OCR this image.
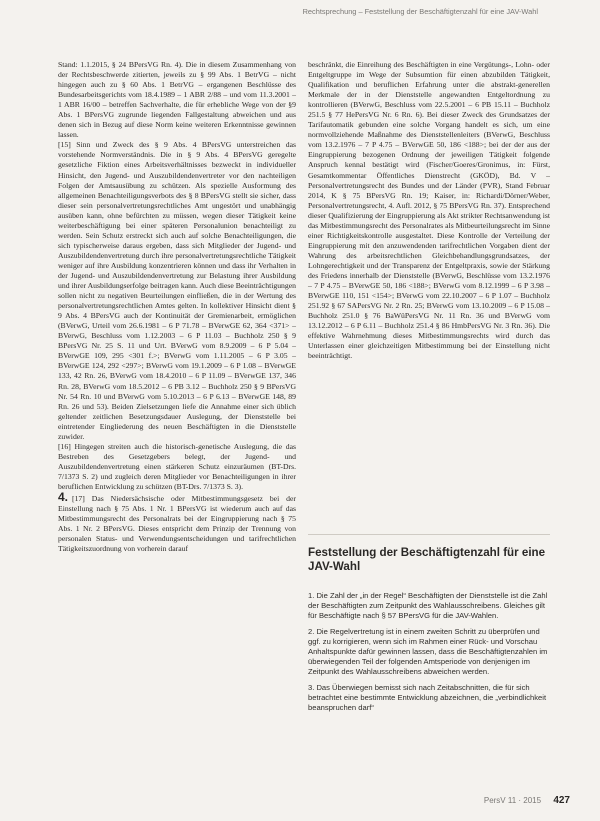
Rechtsprechung – Feststellung der Beschäftigtenzahl für eine JAV-Wahl

Stand: 1.1.2015, § 24 BPersVG Rn. 4). Die in diesem Zusammenhang von der Rechtsbeschwerde zitierten, jeweils zu § 99 Abs. 1 BetrVG – nicht hingegen auch zu § 60 Abs. 1 BetrVG – ergangenen Beschlüsse des Bundesarbeitsgerichts vom 18.4.1989 – 1 ABR 2/88 – und vom 11.3.2001 – 1 ABR 16/00 – betreffen Sachverhalte, die für erhebliche Wege von der §9 Abs. 1 BPersVG zugrunde liegenden Fallgestaltung abweichen und aus denen sich in Bezug auf diese Norm keine weiteren Erkenntnisse gewinnen lassen.

[15] Sinn und Zweck des § 9 Abs. 4 BPersVG unterstreichen das vorstehende Normverständnis. Die in § 9 Abs. 4 BPersVG geregelte gesetzliche Fiktion eines Arbeitsverhältnisses bezweckt in individueller Hinsicht, den Jugend- und Auszubildendenvertreter vor den nachteiligen Folgen der Amtsausübung zu schützen. Als spezielle Ausformung des allgemeinen Benachteiligungsverbots des § 8 BPersVG stellt sie sicher, dass dieser sein personalvertretungsrechtliches Amt ungestört und unabhängig ausüben kann, ohne befürchten zu müssen, wegen dieser Tätigkeit keine weiterbeschäftigung bei einer späteren Personalunion benachteiligt zu werden. Sein Schutz erstreckt sich auch auf solche Benachteiligungen, die sich typischerweise daraus ergeben, dass sich Mitglieder der Jugend- und Auszubildendenvertretung durch ihre personalvertretungsrechtliche Tätigkeit weniger auf ihre Ausbildung konzentrieren können und dass ihr Verhalten in der Jugend- und Auszubildendenvertretung zur Belastung ihrer Ausbildung und ihrer Ausbildungserfolge beitragen kann. Auch diese Beeinträchtigungen sollen nicht zu negativen Beurteilungen einfließen, die in der Wertung des personalvertretungsrechtlichen Amtes gelten. In kollektiver Hinsicht dient § 9 Abs. 4 BPersVG auch der Kontinuität der Gremienarbeit, ermöglichen (BVerwG, Urteil vom 26.6.1981 – 6 P 71.78 – BVerwGE 62, 364 <371> – BVerwG, Beschluss vom 1.12.2003 – 6 P 11.03 – Buchholz 250 § 9 BPersVG Nr. 25 S. 11 und Urt. BVerwG vom 8.9.2009 – 6 P 5.04 – BVerwGE 109, 295 <301 f.>; BVerwG vom 1.11.2005 – 6 P 3.05 – BVerwGE 124, 292 <297>; BVerwG vom 19.1.2009 – 6 P 1.08 – BVerwGE 133, 42 Rn. 26, BVerwG vom 18.4.2010 – 6 P 11.09 – BVerwGE 137, 346 Rn. 28, BVerwG vom 18.5.2012 – 6 PB 3.12 – Buchholz 250 § 9 BPersVG Nr. 54 Rn. 10 und BVerwG vom 5.10.2013 – 6 P 6.13 – BVerwGE 148, 89 Rn. 26 und 53). Beiden Zielsetzungen liefe die Annahme einer sich üblich geltender zeitlichen Besetzungsdauer Auslegung, der Dienststelle bei eintretender Eingliederung des neuen Beschäftigten in die Dienststelle zuwider.

[16] Hingegen streiten auch die historisch-genetische Auslegung, die das Bestreben des Gesetzgebers belegt, der Jugend- und Auszubildendenvertretung einen stärkeren Schutz einzuräumen (BT-Drs. 7/1373 S. 2) und zugleich deren Mitglieder vor Benachteiligungen in ihrer beruflichen Entwicklung zu schützen (BT-Drs. 7/1373 S. 3).

4. [17] Das Niedersächsische oder Mitbestimmungsgesetz bei der Einstellung nach § 75 Abs. 1 Nr. 1 BPersVG ist wiederum auch auf das Mitbestimmungsrecht des Personalrats bei der Eingruppierung nach § 75 Abs. 1 Nr. 2 BPersVG. Dieses entspricht dem Prinzip der Trennung von personalen Status- und Verwendungsentscheidungen und tarifrechtlichen Tätigkeitszuordnung von vorherein darauf

beschränkt, die Einreihung des Beschäftigten in eine Vergütungs-, Lohn- oder Entgeltgruppe im Wege der Subsumtion für einen abzubilden Tätigkeit, Qualifikation und beruflichen Erfahrung unter die abstrakt-generellen Merkmale der in der Dienststelle angewandten Entgeltordnung zu kontrollieren (BVerwG, Beschluss vom 22.5.2001 – 6 PB 15.11 – Buchholz 251.5 § 77 HePersVG Nr. 6 Rn. 6). Bei dieser Zweck des Grundsatzes der Tarifautomatik gebunden eine solche Vorgang handelt es sich, um eine normvollziehende Maßnahme des Dienststellenleiters (BVerwG, Beschluss vom 13.2.1976 – 7 P 4.75 – BVerwGE 50, 186 <188>; bei der der aus der Eingruppierung bezogenen Ordnung der jeweiligen Tätigkeit folgende Anspruch kennal bestätigt wird (Fischer/Goeres/Gronimus, in: Fürst, Gesamtkommentar Öffentliches Dienstrecht (GKÖD), Bd. V – Personalvertretungsrecht des Bundes und der Länder (PVR), Stand Februar 2014, K § 75 BPersVG Rn. 19; Kaiser, in: Richardi/Dörner/Weber, Personalvertretungsrecht, 4. Aufl. 2012, § 75 BPersVG Rn. 37). Entsprechend dieser Qualifizierung der Eingruppierung als Akt strikter Rechtsanwendung ist das Mitbestimmungsrecht des Personalrates als Mitbeurteilungsrecht im Sinne einer Richtigkeitskontrolle ausgestaltet. Diese Kontrolle der Verteilung der Eingruppierung mit den anzuwendenden tarifrechtlichen Vorgaben dient der Wahrung des arbeitsrechtlichen Gleichbehandlungsgrundsatzes, der Lohngerechtigkeit und der Transparenz der Entgeltpraxis, sowie der Stärkung des Friedens innerhalb der Dienststelle (BVerwG, Beschlüsse vom 13.2.1976 – 7 P 4.75 – BVerwGE 50, 186 <188>; BVerwG vom 8.12.1999 – 6 P 3.98 – BVerwGE 110, 151 <154>; BVerwG vom 22.10.2007 – 6 P 1.07 – Buchholz 251.92 § 67 SAPersVG Nr. 2 Rn. 25; BVerwG vom 13.10.2009 – 6 P 15.08 – Buchholz 251.0 § 76 BaWüPersVG Nr. 11 Rn. 36 und BVerwG vom 13.12.2012 – 6 P 6.11 – Buchholz 251.4 § 86 HmbPersVG Nr. 3 Rn. 36). Die effektive Wahrnehmung dieses Mitbestimmungsrechts wird durch das Unterlassen einer gleichzeitigen Mitbestimmung bei der Einstellung nicht beeinträchtigt.

Feststellung der Beschäftigtenzahl für eine JAV-Wahl

1. Die Zahl der „in der Regel“ Beschäftigten der Dienststelle ist die Zahl der Beschäftigten zum Zeitpunkt des Wahlausschreibens. Gleiches gilt für Beschäftigte nach § 57 BPersVG für die JAV-Wahlen.

2. Die Regelvertretung ist in einem zweiten Schritt zu überprüfen und ggf. zu korrigieren, wenn sich im Rahmen einer Rück- und Vorschau Anhaltspunkte dafür gewinnen lassen, dass die Beschäftigtenzahlen im überwiegenden Teil der folgenden Amtsperiode von denjenigen im Zeitpunkt des Wahlausschreibens abweichen werden.

3. Das Überwiegen bemisst sich nach Zeitabschnitten, die für sich betrachtet eine bestimmte Entwicklung abzeichnen, die „verbindlichkeit beanspruchen darf“

PersV 11 · 2015 427
